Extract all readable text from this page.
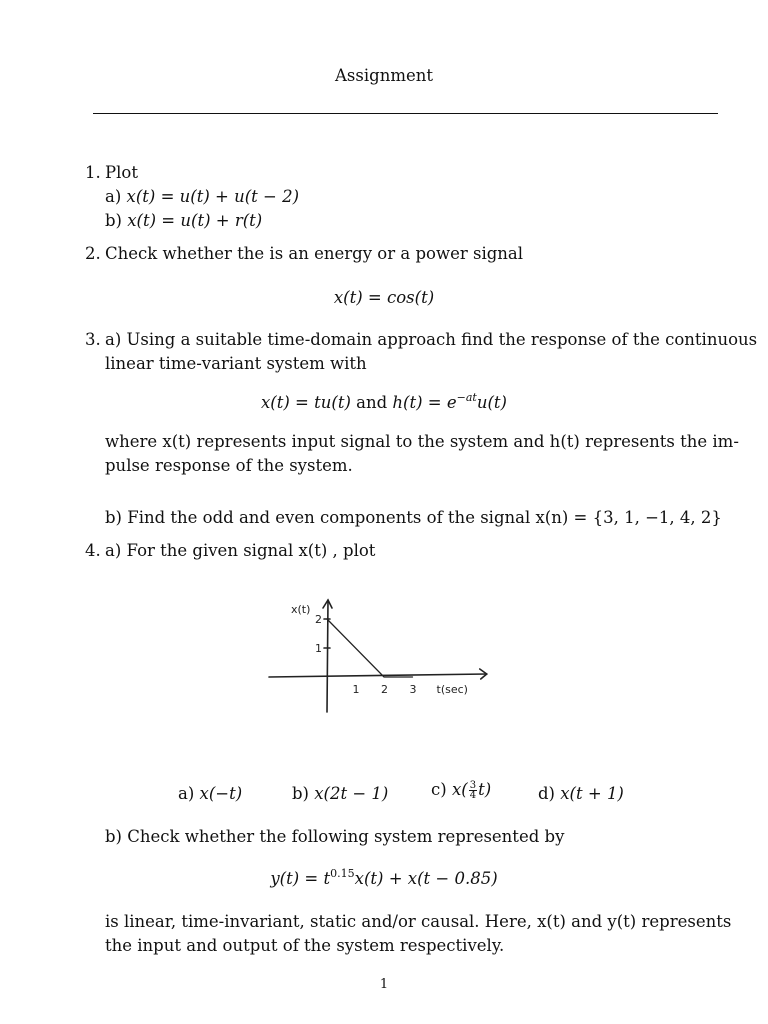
Assignment
1. Plot
a) x(t) = u(t) + u(t − 2)
b) x(t) = u(t) + r(t)
2. Check whether the is an energy or a power signal
x(t) = cos(t)
3. a) Using a suitable time-domain approach find the response of the continuous
linear time-variant system with
x(t) = tu(t) and $h(t) = e^{-at}u(t)$
where x(t) represents input signal to the system and h(t) represents the im-
pulse response of the system.
b) Find the odd and even components of the signal x(n) = {3, 1, −1, 4, 2}
4. a) For the given signal x(t) , plot
1 2 3
2
1
x(t)
t(sec)
a) x(−t)	b) x(2t − 1)	c) $x( \frac{3}{4} t)$	d) x(t + 1)
b) Check whether the following system represented by
$y(t) = t^{0.15}x(t) + x(t - 0.85)$
is linear, time-invariant, static and/or causal. Here, x(t) and y(t) represents
the input and output of the system respectively.
1
